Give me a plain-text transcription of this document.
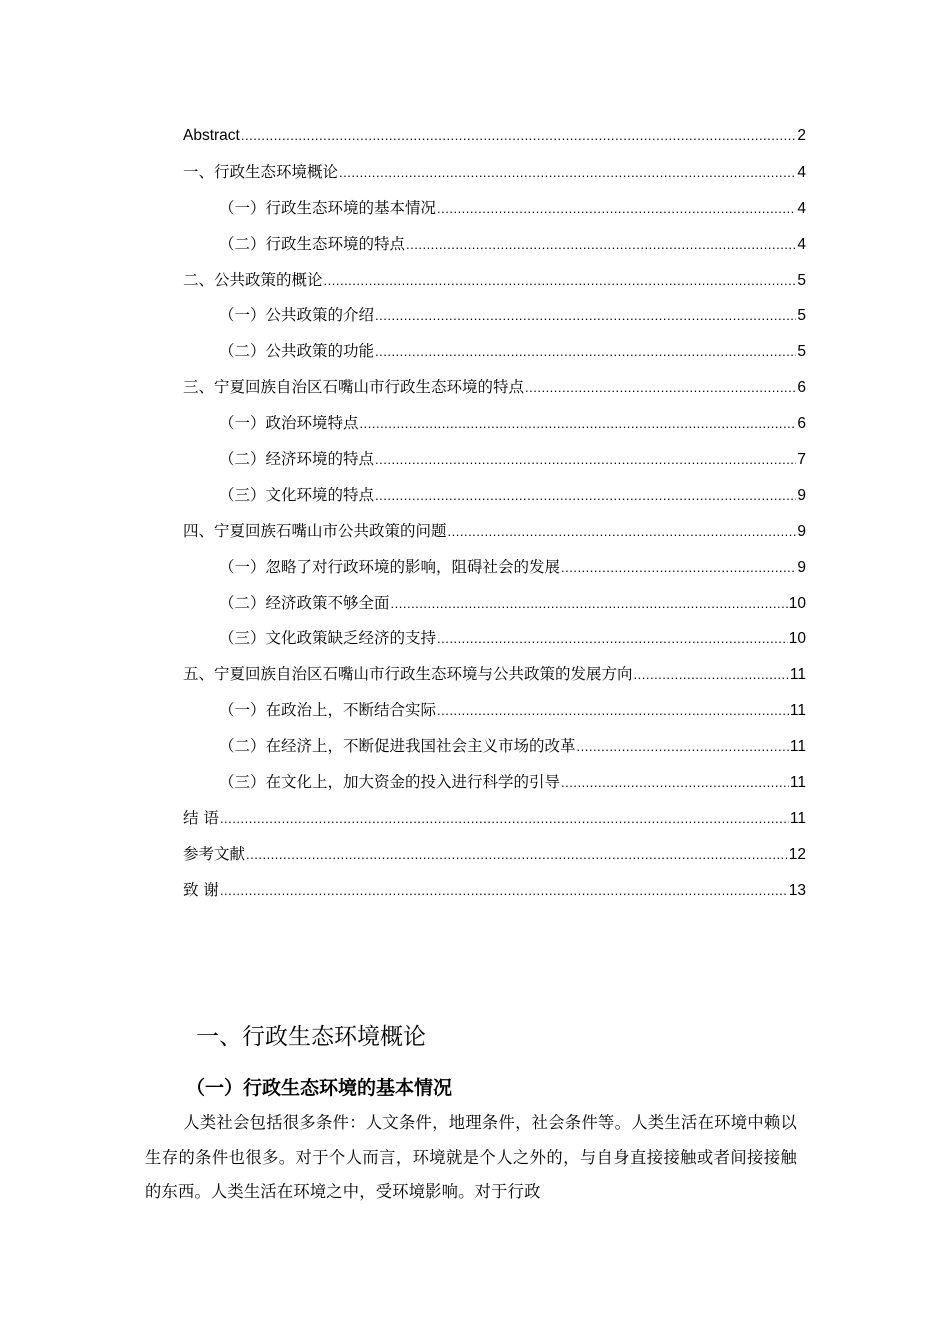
Abstract .....	2
一、行政生态环境概论 .....	4
（一）行政生态环境的基本情况 .....	4
（二）行政生态环境的特点 .....	4
二、公共政策的概论 .....	5
（一）公共政策的介绍 .....	5
（二）公共政策的功能 .....	5
三、宁夏回族自治区石嘴山市行政生态环境的特点 .....	6
（一）政治环境特点 .....	6
（二）经济环境的特点 .....	7
（三）文化环境的特点 .....	9
四、宁夏回族石嘴山市公共政策的问题 .....	9
（一）忽略了对行政环境的影响，阻碍社会的发展 .....	9
（二）经济政策不够全面 .....	10
（三）文化政策缺乏经济的支持 .....	10
五、宁夏回族自治区石嘴山市行政生态环境与公共政策的发展方向 .....	11
（一）在政治上，不断结合实际 .....	11
（二）在经济上，不断促进我国社会主义市场的改革 .....	11
（三）在文化上，加大资金的投入进行科学的引导 .....	11
结 语 .....	11
参考文献 .....	12
致 谢 .....	13
一、行政生态环境概论
（一）行政生态环境的基本情况
人类社会包括很多条件：人文条件，地理条件，社会条件等。人类生活在环境中赖以生存的条件也很多。对于个人而言，环境就是个人之外的，与自身直接接触或者间接接触的东西。人类生活在环境之中，受环境影响。对于行政
